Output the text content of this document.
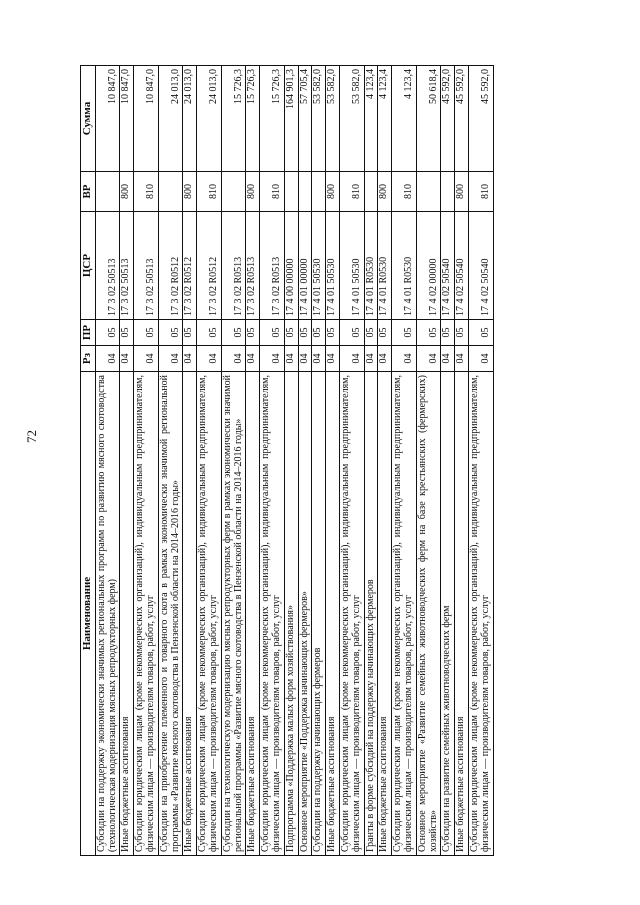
72
Наименование	Рз	ПР	ЦСР	ВР	Сумма
Субсидии на поддержку экономически значимых региональных программ по развитию мясного скотоводства (технологическая модернизация мясных репродукторных ферм)	04	05	17 3 02 50513		10 847,0
Иные бюджетные ассигнования	04	05	17 3 02 50513	800	10 847,0
Субсидии юридическим лицам (кроме некоммерческих организаций), индивидуальным предпринимателям, физическим лицам — производителям товаров, работ, услуг	04	05	17 3 02 50513	810	10 847,0
Субсидии на приобретение племенного и товарного скота в рамках экономически значимой региональной программы «Развитие мясного скотоводства в Пензенской области на 2014–2016 годы»	04	05	17 3 02 R0512		24 013,0
Иные бюджетные ассигнования	04	05	17 3 02 R0512	800	24 013,0
Субсидии юридическим лицам (кроме некоммерческих организаций), индивидуальным предпринимателям, физическим лицам — производителям товаров, работ, услуг	04	05	17 3 02 R0512	810	24 013,0
Субсидии на технологическую модернизацию мясных репродукторных ферм в рамках экономически значимой региональной программы «Развитие мясного скотоводства в Пензенской области на 2014–2016 годы»	04	05	17 3 02 R0513		15 726,3
Иные бюджетные ассигнования	04	05	17 3 02 R0513	800	15 726,3
Субсидии юридическим лицам (кроме некоммерческих организаций), индивидуальным предпринимателям, физическим лицам — производителям товаров, работ, услуг	04	05	17 3 02 R0513	810	15 726,3
Подпрограмма «Поддержка малых форм хозяйствования»	04	05	17 4 00 00000		164 901,3
Основное мероприятие «Поддержка начинающих фермеров»	04	05	17 4 01 00000		57 705,4
Субсидии на поддержку начинающих фермеров	04	05	17 4 01 50530		53 582,0
Иные бюджетные ассигнования	04	05	17 4 01 50530	800	53 582,0
Субсидии юридическим лицам (кроме некоммерческих организаций), индивидуальным предпринимателям, физическим лицам — производителям товаров, работ, услуг	04	05	17 4 01 50530	810	53 582,0
Гранты в форме субсидий на поддержку начинающих фермеров	04	05	17 4 01 R0530		4 123,4
Иные бюджетные ассигнования	04	05	17 4 01 R0530	800	4 123,4
Субсидии юридическим лицам (кроме некоммерческих организаций), индивидуальным предпринимателям, физическим лицам — производителям товаров, работ, услуг	04	05	17 4 01 R0530	810	4 123,4
Основное мероприятие «Развитие семейных животноводческих ферм на базе крестьянских (фермерских) хозяйств»	04	05	17 4 02 00000		50 618,4
Субсидии на развитие семейных животноводческих ферм	04	05	17 4 02 50540		45 592,0
Иные бюджетные ассигнования	04	05	17 4 02 50540	800	45 592,0
Субсидии юридическим лицам (кроме некоммерческих организаций), индивидуальным предпринимателям, физическим лицам — производителям товаров, работ, услуг	04	05	17 4 02 50540	810	45 592,0
